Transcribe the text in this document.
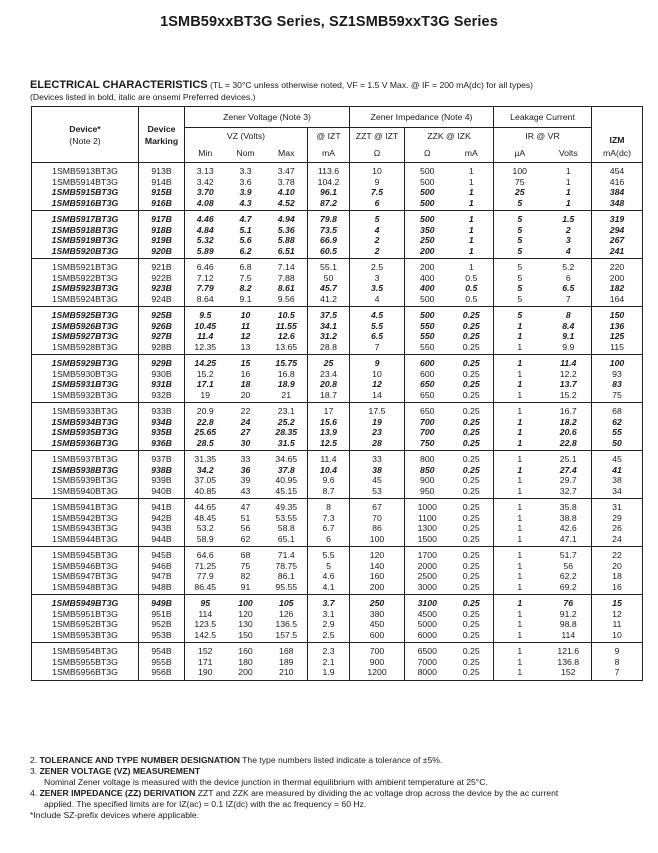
1SMB59xxBT3G Series, SZ1SMB59xxT3G Series
ELECTRICAL CHARACTERISTICS (TL = 30°C unless otherwise noted, VF = 1.5 V Max. @ IF = 200 mA(dc) for all types)
(Devices listed in bold, italic are onsemi Preferred devices.)
Device*
(Note 2)	Device Marking	Zener Voltage (Note 3)				Zener Impedance (Note 4)			Leakage Current		IZM
		VZ (Volts)			@ IZT	ZZT @ IZT	ZZK @ IZK		IR @ VR		
		Min	Nom	Max	mA	Ω	Ω	mA	µA	Volts	mA(dc)
1SMB5913BT3G	913B	3.13	3.3	3.47	113.6	10	500	1	100	1	454
1SMB5914BT3G	914B	3.42	3.6	3.78	104.2	9	500	1	75	1	416
1SMB5915BT3G	915B	3.70	3.9	4.10	96.1	7.5	500	1	25	1	384
1SMB5916BT3G	916B	4.08	4.3	4.52	87.2	6	500	1	5	1	348
1SMB5917BT3G	917B	4.46	4.7	4.94	79.8	5	500	1	5	1.5	319
1SMB5918BT3G	918B	4.84	5.1	5.36	73.5	4	350	1	5	2	294
1SMB5919BT3G	919B	5.32	5.6	5.88	66.9	2	250	1	5	3	267
1SMB5920BT3G	920B	5.89	6.2	6.51	60.5	2	200	1	5	4	241
1SMB5921BT3G	921B	6.46	6.8	7.14	55.1	2.5	200	1	5	5.2	220
1SMB5922BT3G	922B	7.12	7.5	7.88	50	3	400	0.5	5	6	200
1SMB5923BT3G	923B	7.79	8.2	8.61	45.7	3.5	400	0.5	5	6.5	182
1SMB5924BT3G	924B	8.64	9.1	9.56	41.2	4	500	0.5	5	7	164
1SMB5925BT3G	925B	9.5	10	10.5	37.5	4.5	500	0.25	5	8	150
1SMB5926BT3G	926B	10.45	11	11.55	34.1	5.5	550	0.25	1	8.4	136
1SMB5927BT3G	927B	11.4	12	12.6	31.2	6.5	550	0.25	1	9.1	125
1SMB5928BT3G	928B	12.35	13	13.65	28.8	7	550	0.25	1	9.9	115
1SMB5929BT3G	929B	14.25	15	15.75	25	9	600	0.25	1	11.4	100
1SMB5930BT3G	930B	15.2	16	16.8	23.4	10	600	0.25	1	12.2	93
1SMB5931BT3G	931B	17.1	18	18.9	20.8	12	650	0.25	1	13.7	83
1SMB5932BT3G	932B	19	20	21	18.7	14	650	0.25	1	15.2	75
1SMB5933BT3G	933B	20.9	22	23.1	17	17.5	650	0.25	1	16.7	68
1SMB5934BT3G	934B	22.8	24	25.2	15.6	19	700	0.25	1	18.2	62
1SMB5935BT3G	935B	25.65	27	28.35	13.9	23	700	0.25	1	20.6	55
1SMB5936BT3G	936B	28.5	30	31.5	12.5	28	750	0.25	1	22.8	50
1SMB5937BT3G	937B	31.35	33	34.65	11.4	33	800	0.25	1	25.1	45
1SMB5938BT3G	938B	34.2	36	37.8	10.4	38	850	0.25	1	27.4	41
1SMB5939BT3G	939B	37.05	39	40.95	9.6	45	900	0.25	1	29.7	38
1SMB5940BT3G	940B	40.85	43	45.15	8.7	53	950	0.25	1	32.7	34
1SMB5941BT3G	941B	44.65	47	49.35	8	67	1000	0.25	1	35.8	31
1SMB5942BT3G	942B	48.45	51	53.55	7.3	70	1100	0.25	1	38.8	29
1SMB5943BT3G	943B	53.2	56	58.8	6.7	86	1300	0.25	1	42.6	26
1SMB5944BT3G	944B	58.9	62	65.1	6	100	1500	0.25	1	47.1	24
1SMB5945BT3G	945B	64.6	68	71.4	5.5	120	1700	0.25	1	51.7	22
1SMB5946BT3G	946B	71.25	75	78.75	5	140	2000	0.25	1	56	20
1SMB5947BT3G	947B	77.9	82	86.1	4.6	160	2500	0.25	1	62.2	18
1SMB5948BT3G	948B	86.45	91	95.55	4.1	200	3000	0.25	1	69.2	16
1SMB5949BT3G	949B	95	100	105	3.7	250	3100	0.25	1	76	15
1SMB5951BT3G	951B	114	120	126	3.1	380	4500	0.25	1	91.2	12
1SMB5952BT3G	952B	123.5	130	136.5	2.9	450	5000	0.25	1	98.8	11
1SMB5953BT3G	953B	142.5	150	157.5	2.5	600	6000	0.25	1	114	10
1SMB5954BT3G	954B	152	160	168	2.3	700	6500	0.25	1	121.6	9
1SMB5955BT3G	955B	171	180	189	2.1	900	7000	0.25	1	136.8	8
1SMB5956BT3G	956B	190	200	210	1.9	1200	8000	0.25	1	152	7
2. TOLERANCE AND TYPE NUMBER DESIGNATION The type numbers listed indicate a tolerance of ±5%.
3. ZENER VOLTAGE (VZ) MEASUREMENT
Nominal Zener voltage is measured with the device junction in thermal equilibrium with ambient temperature at 25°C.
4. ZENER IMPEDANCE (ZZ) DERIVATION ZZT and ZZK are measured by dividing the ac voltage drop across the device by the ac current
applied. The specified limits are for IZ(ac) = 0.1 IZ(dc) with the ac frequency = 60 Hz.
*Include SZ-prefix devices where applicable.
